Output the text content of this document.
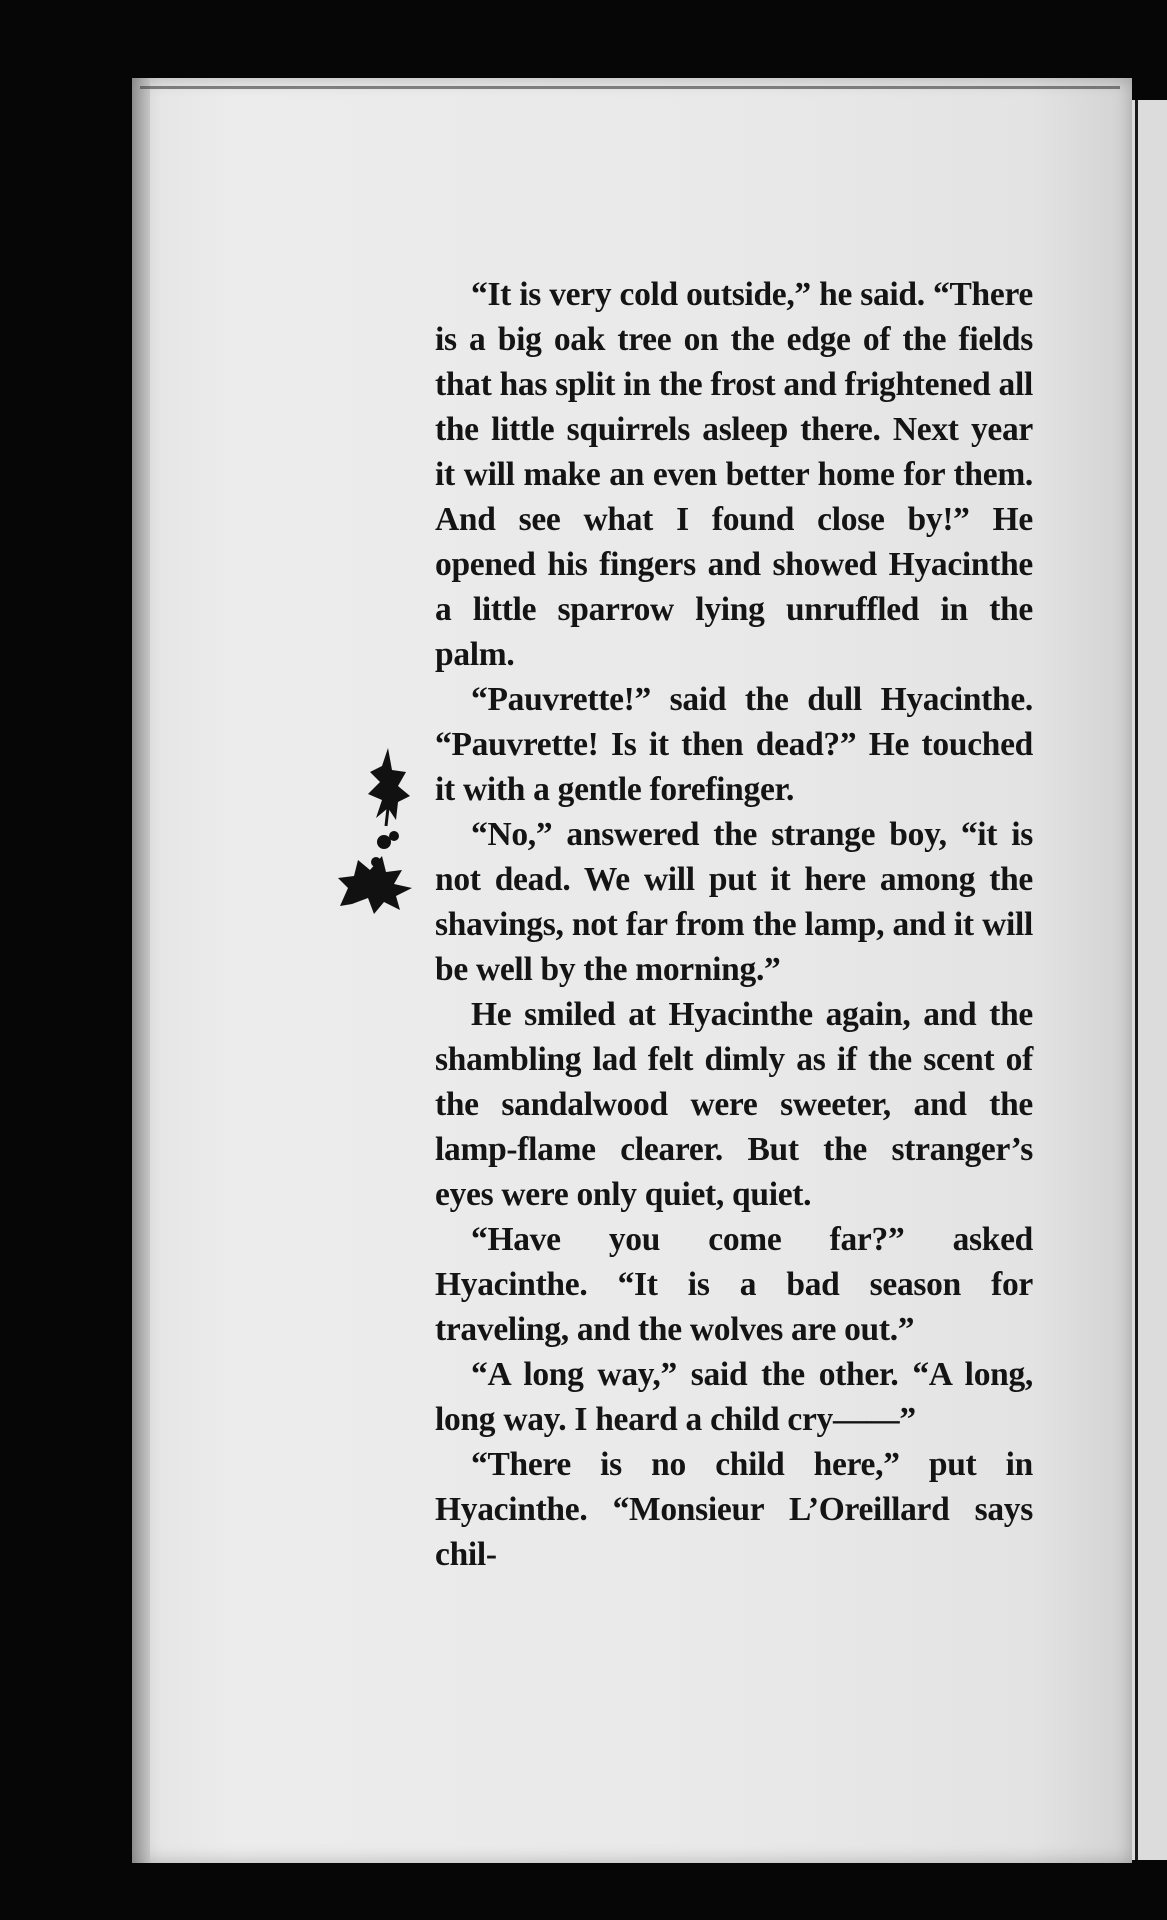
“It is very cold outside,” he said. “There is a big oak tree on the edge of the fields that has split in the frost and frightened all the little squirrels asleep there. Next year it will make an even better home for them. And see what I found close by!” He opened his fingers and showed Hyacinthe a little sparrow lying unruffled in the palm.

“Pauvrette!” said the dull Hyacinthe. “Pauvrette! Is it then dead?” He touched it with a gentle forefinger.

“No,” answered the strange boy, “it is not dead. We will put it here among the shavings, not far from the lamp, and it will be well by the morning.”

He smiled at Hyacinthe again, and the shambling lad felt dimly as if the scent of the sandalwood were sweeter, and the lamp-flame clearer. But the stranger’s eyes were only quiet, quiet.

“Have you come far?” asked Hyacinthe. “It is a bad season for traveling, and the wolves are out.”

“A long way,” said the other. “A long, long way. I heard a child cry——”

“There is no child here,” put in Hyacinthe. “Monsieur L’Oreillard says chil-
